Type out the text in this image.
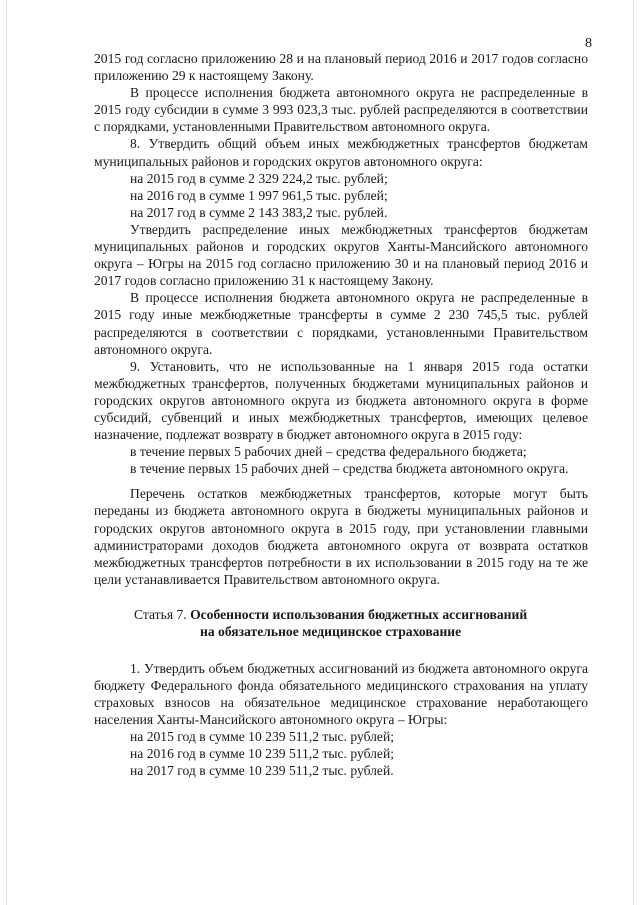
8

2015 год согласно приложению 28 и на плановый период 2016 и 2017 годов согласно приложению 29 к настоящему Закону.

В процессе исполнения бюджета автономного округа не распределенные в 2015 году субсидии в сумме 3 993 023,3 тыс. рублей распределяются в соответствии с порядками, установленными Правительством автономного округа.

8. Утвердить общий объем иных межбюджетных трансфертов бюджетам муниципальных районов и городских округов автономного округа:

на 2015 год в сумме 2 329 224,2 тыс. рублей;

на 2016 год в сумме 1 997 961,5 тыс. рублей;

на 2017 год в сумме 2 143 383,2 тыс. рублей.

Утвердить распределение иных межбюджетных трансфертов бюджетам муниципальных районов и городских округов Ханты-Мансийского автономного округа – Югры на 2015 год согласно приложению 30 и на плановый период 2016 и 2017 годов согласно приложению 31 к настоящему Закону.

В процессе исполнения бюджета автономного округа не распределенные в 2015 году иные межбюджетные трансферты в сумме 2 230 745,5 тыс. рублей распределяются в соответствии с порядками, установленными Правительством автономного округа.

9. Установить, что не использованные на 1 января 2015 года остатки межбюджетных трансфертов, полученных бюджетами муниципальных районов и городских округов автономного округа из бюджета автономного округа в форме субсидий, субвенций и иных межбюджетных трансфертов, имеющих целевое назначение, подлежат возврату в бюджет автономного округа в 2015 году:

в течение первых 5 рабочих дней – средства федерального бюджета;

в течение первых 15 рабочих дней – средства бюджета автономного округа.

Перечень остатков межбюджетных трансфертов, которые могут быть переданы из бюджета автономного округа в бюджеты муниципальных районов и городских округов автономного округа в 2015 году, при установлении главными администраторами доходов бюджета автономного округа от возврата остатков межбюджетных трансфертов потребности в их использовании в 2015 году на те же цели устанавливается Правительством автономного округа.

Статья 7. Особенности использования бюджетных ассигнований
на обязательное медицинское страхование

1. Утвердить объем бюджетных ассигнований из бюджета автономного округа бюджету Федерального фонда обязательного медицинского страхования на уплату страховых взносов на обязательное медицинское страхование неработающего населения Ханты-Мансийского автономного округа – Югры:

на 2015 год в сумме 10 239 511,2 тыс. рублей;

на 2016 год в сумме 10 239 511,2 тыс. рублей;

на 2017 год в сумме 10 239 511,2 тыс. рублей.
